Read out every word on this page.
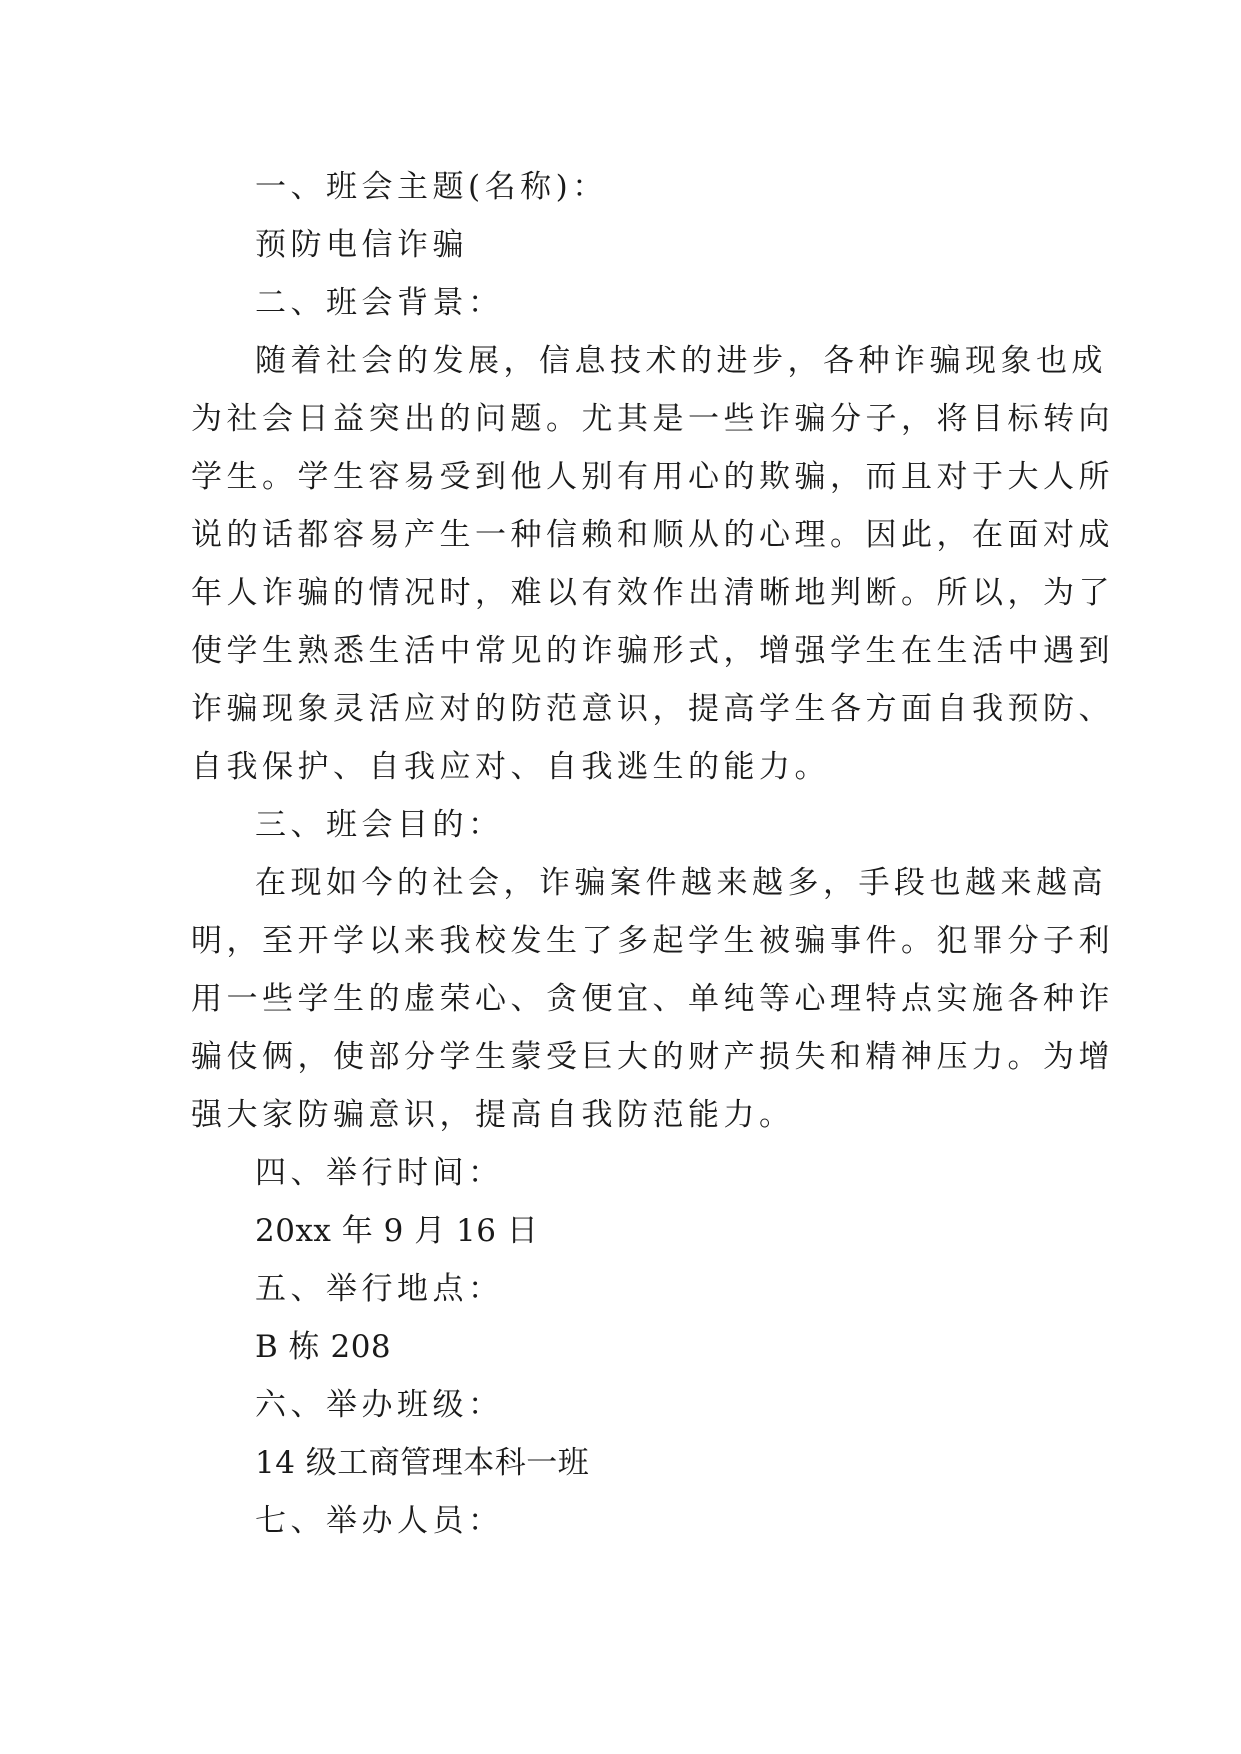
一、班会主题(名称)：
预防电信诈骗
二、班会背景：
随着社会的发展，信息技术的进步，各种诈骗现象也成
为社会日益突出的问题。尤其是一些诈骗分子，将目标转向
学生。学生容易受到他人别有用心的欺骗，而且对于大人所
说的话都容易产生一种信赖和顺从的心理。因此，在面对成
年人诈骗的情况时，难以有效作出清晰地判断。所以，为了
使学生熟悉生活中常见的诈骗形式，增强学生在生活中遇到
诈骗现象灵活应对的防范意识，提高学生各方面自我预防、
自我保护、自我应对、自我逃生的能力。
三、班会目的：
在现如今的社会，诈骗案件越来越多，手段也越来越高
明，至开学以来我校发生了多起学生被骗事件。犯罪分子利
用一些学生的虚荣心、贪便宜、单纯等心理特点实施各种诈
骗伎俩，使部分学生蒙受巨大的财产损失和精神压力。为增
强大家防骗意识，提高自我防范能力。
四、举行时间：
20xx 年 9 月 16 日
五、举行地点：
B 栋 208
六、举办班级：
14 级工商管理本科一班
七、举办人员：
